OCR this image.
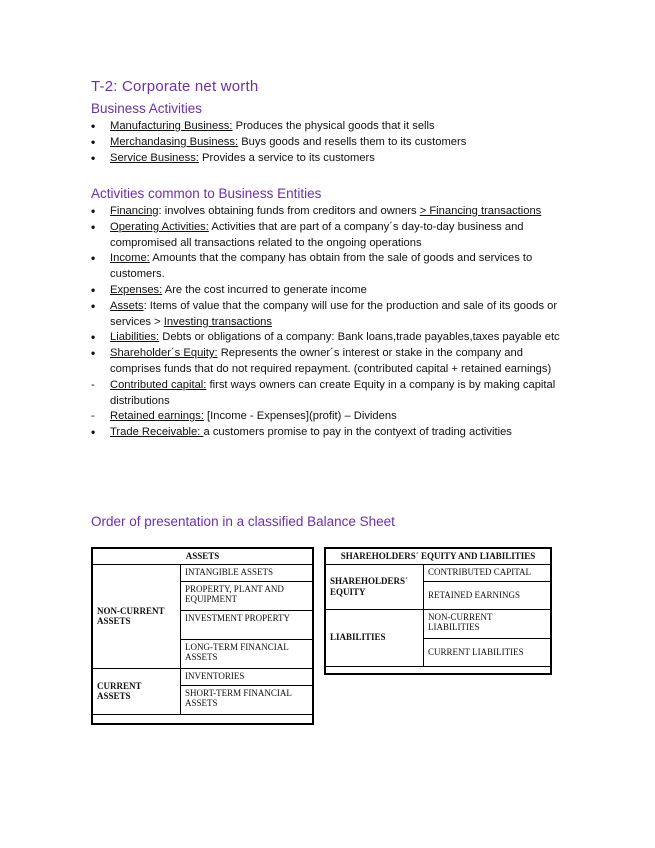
T-2: Corporate net worth
Business Activities
•	Manufacturing Business: Produces the physical goods that it sells
•	Merchandasing Business: Buys goods and resells them to its customers
•	Service Business: Provides a service to its customers
Activities common to Business Entities
•	Financing: involves obtaining funds from creditors and owners > Financing transactions
•	Operating Activities: Activities that are part of a company´s day-to-day business and compromised all transactions related to the ongoing operations
•	Income: Amounts that the company has obtain from the sale of goods and services to customers.
•	Expenses: Are the cost incurred to generate income
•	Assets: Items of value that the company will use for the production and sale of its goods or services > Investing transactions
•	Liabilities: Debts or obligations of a company: Bank loans,trade payables,taxes payable etc
•	Shareholder´s Equity: Represents the owner´s interest or stake in the company and comprises funds that do not required repayment. (contributed capital + retained earnings)
-	Contributed capital: first ways owners can create Equity in a company is by making capital distributions
-	Retained earnings: [Income - Expenses](profit) – Dividens
•	Trade Receivable: a customers promise to pay in the contyext of trading activities
Order of presentation in a classified Balance Sheet
ASSETS	
NON-CURRENT ASSETS	INTANGIBLE ASSETS
	PROPERTY, PLANT AND EQUIPMENT
	INVESTMENT PROPERTY
	LONG-TERM FINANCIAL ASSETS
CURRENT ASSETS	INVENTORIES
	SHORT-TERM FINANCIAL ASSETS
SHAREHOLDERS´ EQUITY AND LIABILITIES	
SHAREHOLDERS´ EQUITY	CONTRIBUTED CAPITAL
	RETAINED EARNINGS
LIABILITIES	NON-CURRENT LIABILITIES
	CURRENT LIABILITIES
